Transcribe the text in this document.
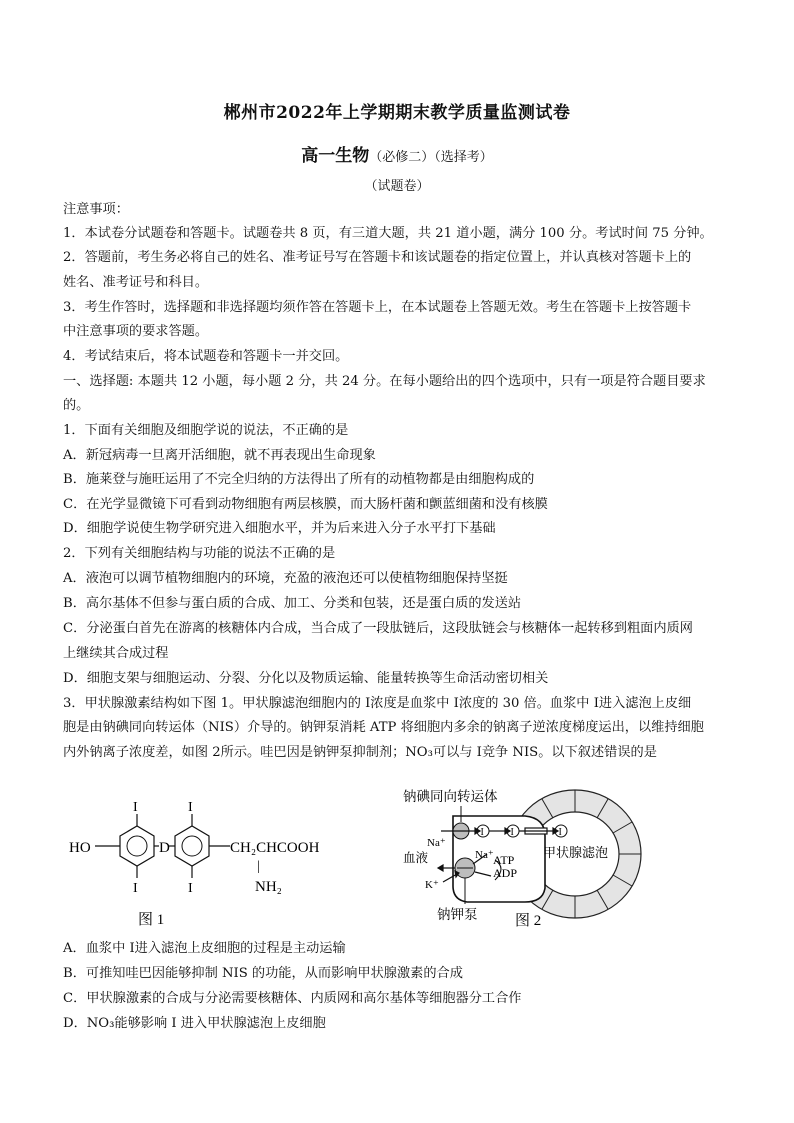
郴州市2022年上学期期末教学质量监测试卷
高一生物（必修二）（选择考）
（试题卷）
注意事项：
1．本试卷分试题卷和答题卡。试题卷共 8 页，有三道大题，共 21 道小题，满分 100 分。考试时间 75 分钟。
2．答题前，考生务必将自己的姓名、准考证号写在答题卡和该试题卷的指定位置上，并认真核对答题卡上的
姓名、准考证号和科目。
3．考生作答时，选择题和非选择题均须作答在答题卡上，在本试题卷上答题无效。考生在答题卡上按答题卡
中注意事项的要求答题。
4．考试结束后，将本试题卷和答题卡一并交回。
一、选择题: 本题共 12 小题，每小题 2 分，共 24 分。在每小题给出的四个选项中，只有一项是符合题目要求
的。
1．下面有关细胞及细胞学说的说法，不正确的是
A．新冠病毒一旦离开活细胞，就不再表现出生命现象
B．施莱登与施旺运用了不完全归纳的方法得出了所有的动植物都是由细胞构成的
C．在光学显微镜下可看到动物细胞有两层核膜，而大肠杆菌和颤蓝细菌和没有核膜
D．细胞学说使生物学研究进入细胞水平，并为后来进入分子水平打下基础
2．下列有关细胞结构与功能的说法不正确的是
A．液泡可以调节植物细胞内的环境，充盈的液泡还可以使植物细胞保持坚挺
B．高尔基体不但参与蛋白质的合成、加工、分类和包装，还是蛋白质的发送站
C．分泌蛋白首先在游离的核糖体内合成，当合成了一段肽链后，这段肽链会与核糖体一起转移到粗面内质网
上继续其合成过程
D．细胞支架与细胞运动、分裂、分化以及物质运输、能量转换等生命活动密切相关
3．甲状腺激素结构如下图 1。甲状腺滤泡细胞内的 I浓度是血浆中 I浓度的 30 倍。血浆中 I进入滤泡上皮细
胞是由钠碘同向转运体（NIS）介导的。钠钾泵消耗 ATP 将细胞内多余的钠离子逆浓度梯度运出，以维持细胞
内外钠离子浓度差，如图 2所示。哇巴因是钠钾泵抑制剂；NO₃可以与 I竞争 NIS。以下叙述错误的是
HO
I
I
I
I
D	CH₂CHCOOH
|
NH₂
图 1
I	I	I
钠碘同向转运体
Na⁺
血液	Na⁺ ATP
ADP
K⁺
甲状腺滤泡
钠钾泵	图 2
A．血浆中 I进入滤泡上皮细胞的过程是主动运输
B．可推知哇巴因能够抑制 NIS 的功能，从而影响甲状腺激素的合成
C．甲状腺激素的合成与分泌需要核糖体、内质网和高尔基体等细胞器分工合作
D．NO₃能够影响 I 进入甲状腺滤泡上皮细胞
